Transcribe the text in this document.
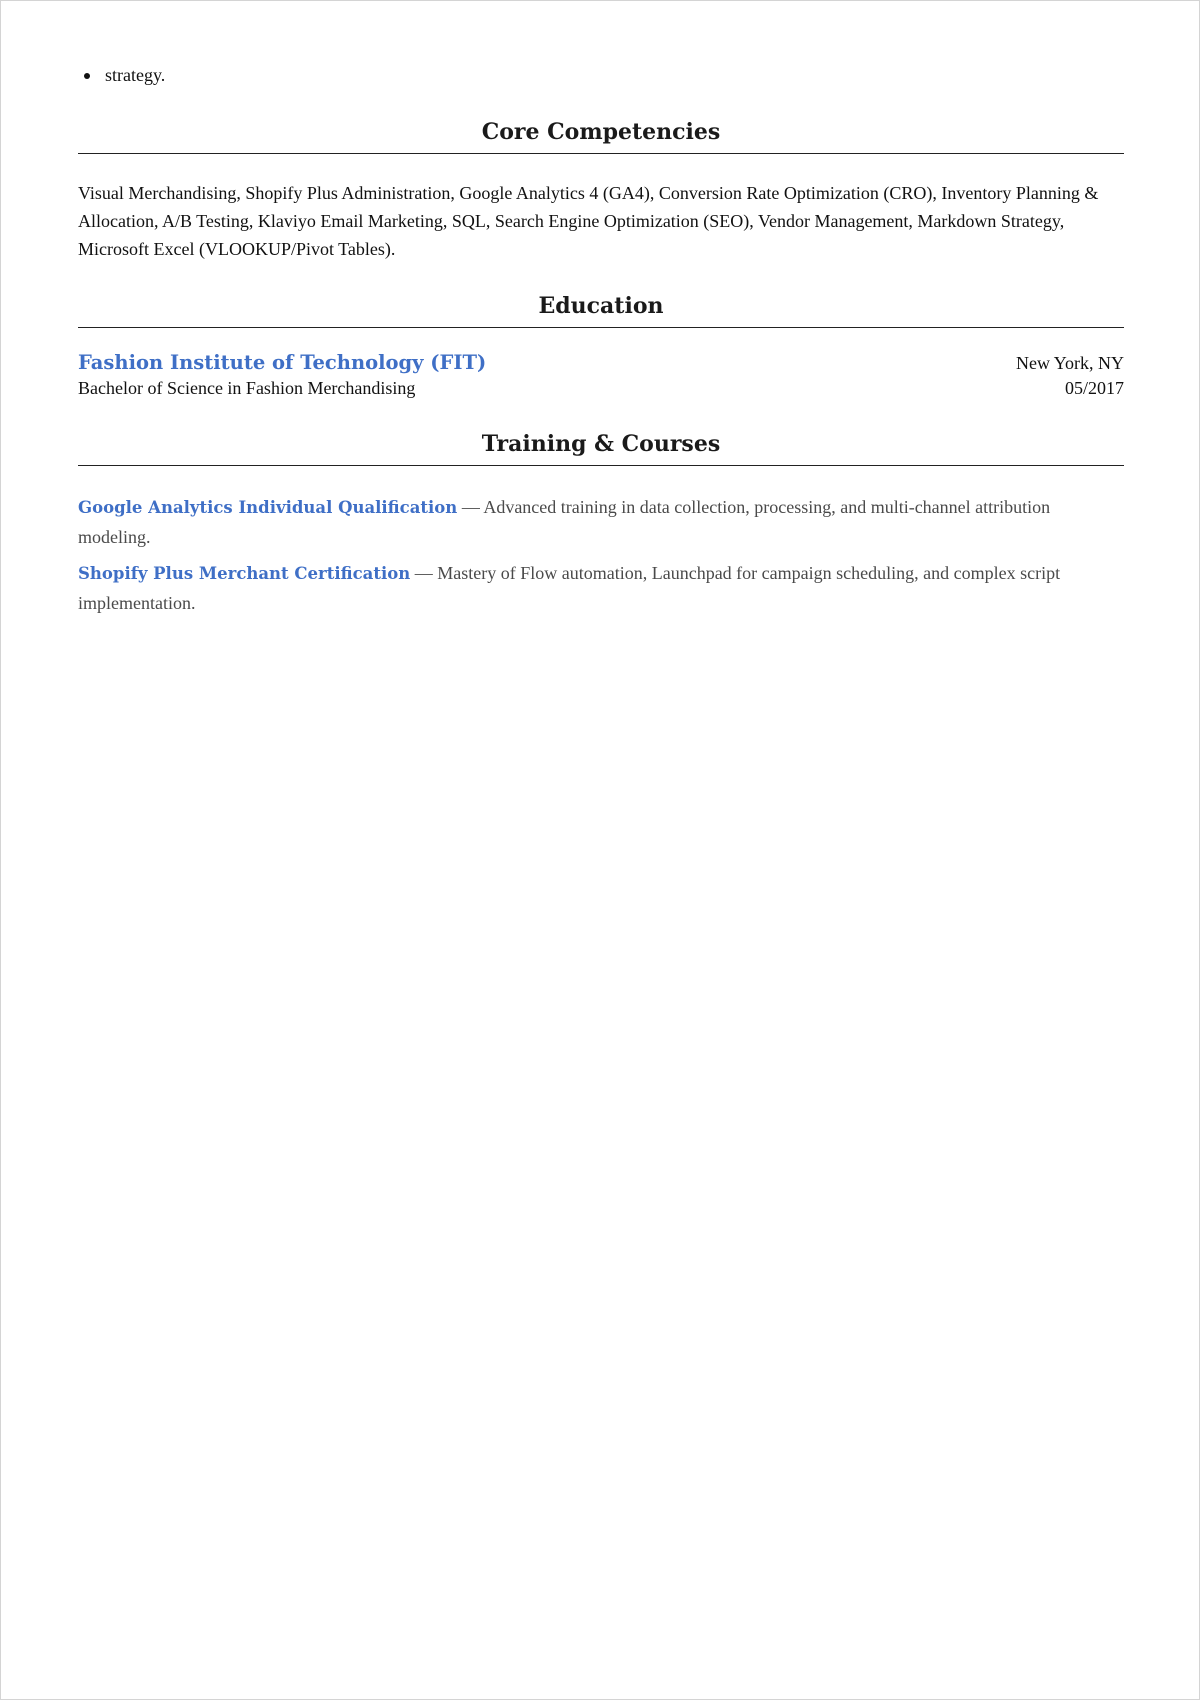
strategy.
Core Competencies

Visual Merchandising, Shopify Plus Administration, Google Analytics 4 (GA4), Conversion Rate Optimization (CRO), Inventory Planning & Allocation, A/B Testing, Klaviyo Email Marketing, SQL, Search Engine Optimization (SEO), Vendor Management, Markdown Strategy, Microsoft Excel (VLOOKUP/Pivot Tables).

Education
Fashion Institute of Technology (FIT)	New York, NY
Bachelor of Science in Fashion Merchandising	05/2017
Training & Courses

Google Analytics Individual Qualification — Advanced training in data collection, processing, and multi-channel attribution modeling.

Shopify Plus Merchant Certification — Mastery of Flow automation, Launchpad for campaign scheduling, and complex script implementation.
